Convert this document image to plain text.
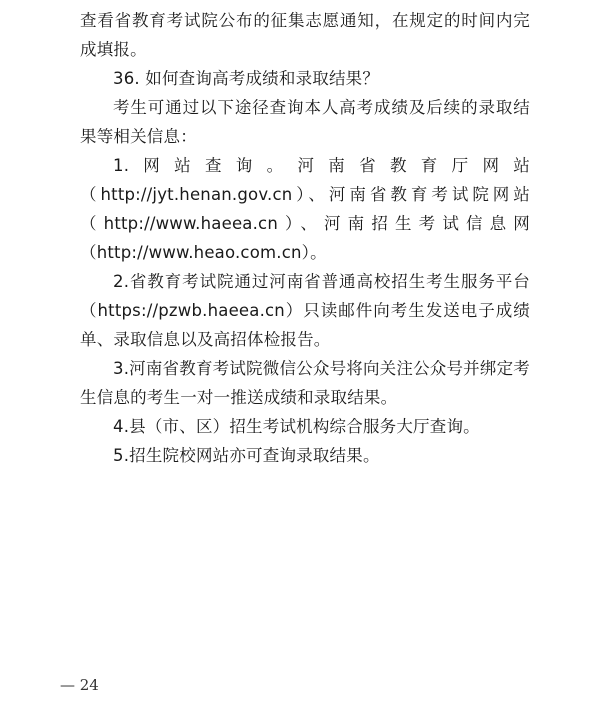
查看省教育考试院公布的征集志愿通知，在规定的时间内完成填报。

36. 如何查询高考成绩和录取结果？

考生可通过以下途径查询本人高考成绩及后续的录取结果等相关信息：

1.网站查询。河南省教育厅网站（http://jyt.henan.gov.cn）、河南省教育考试院网站（http://www.haeea.cn）、河南招生考试信息网（http://www.heao.com.cn）。

2.省教育考试院通过河南省普通高校招生考生服务平台（https://pzwb.haeea.cn）只读邮件向考生发送电子成绩单、录取信息以及高招体检报告。

3.河南省教育考试院微信公众号将向关注公众号并绑定考生信息的考生一对一推送成绩和录取结果。

4.县（市、区）招生考试机构综合服务大厅查询。

5.招生院校网站亦可查询录取结果。

— 24
